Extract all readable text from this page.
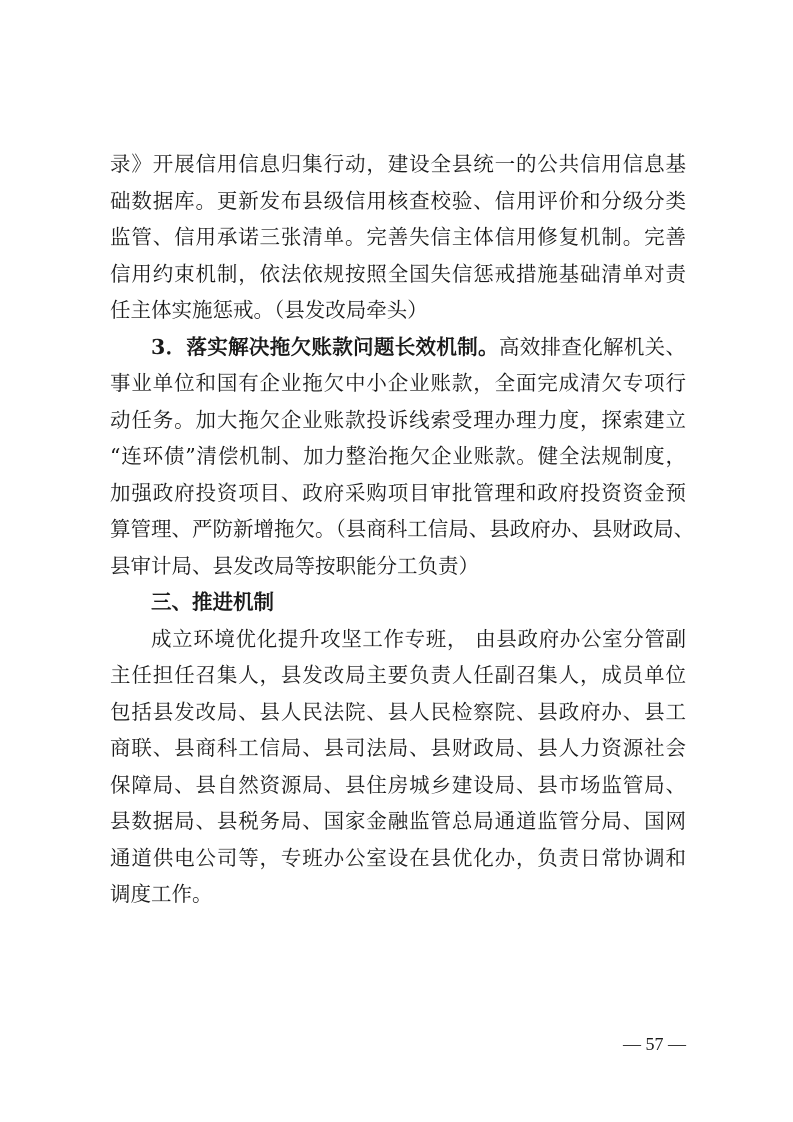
录》开展信用信息归集行动，建设全县统一的公共信用信息基
础数据库。更新发布县级信用核查校验、信用评价和分级分类
监管、信用承诺三张清单。完善失信主体信用修复机制。完善
信用约束机制，依法依规按照全国失信惩戒措施基础清单对责
任主体实施惩戒。（县发改局牵头）
3．落实解决拖欠账款问题长效机制。高效排查化解机关、
事业单位和国有企业拖欠中小企业账款，全面完成清欠专项行
动任务。加大拖欠企业账款投诉线索受理办理力度，探索建立
“连环债”清偿机制、加力整治拖欠企业账款。健全法规制度，
加强政府投资项目、政府采购项目审批管理和政府投资资金预
算管理、严防新增拖欠。（县商科工信局、县政府办、县财政局、
县审计局、县发改局等按职能分工负责）
三、推进机制
成立环境优化提升攻坚工作专班， 由县政府办公室分管副
主任担任召集人，县发改局主要负责人任副召集人，成员单位
包括县发改局、县人民法院、县人民检察院、县政府办、县工
商联、县商科工信局、县司法局、县财政局、县人力资源社会
保障局、县自然资源局、县住房城乡建设局、县市场监管局、
县数据局、县税务局、国家金融监管总局通道监管分局、国网
通道供电公司等，专班办公室设在县优化办，负责日常协调和
调度工作。
— 57 —
